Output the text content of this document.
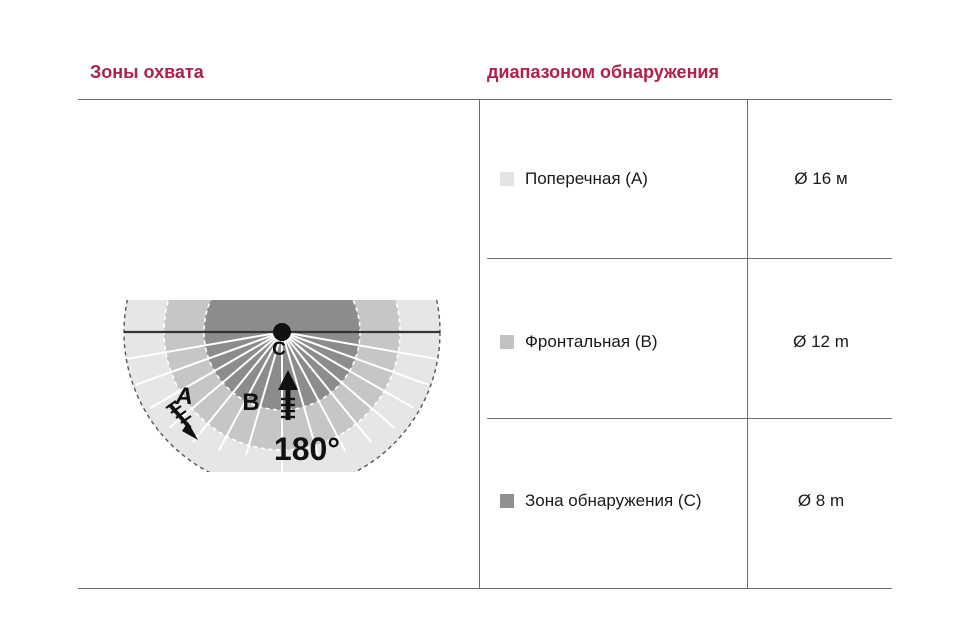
Зоны охвата	диапазоном обнаружения
Поперечная (A)	Ø 16 м
Фронтальная (B)	Ø 12 m
Зона обнаружения (C)	Ø 8 m
C
B
A
180°
